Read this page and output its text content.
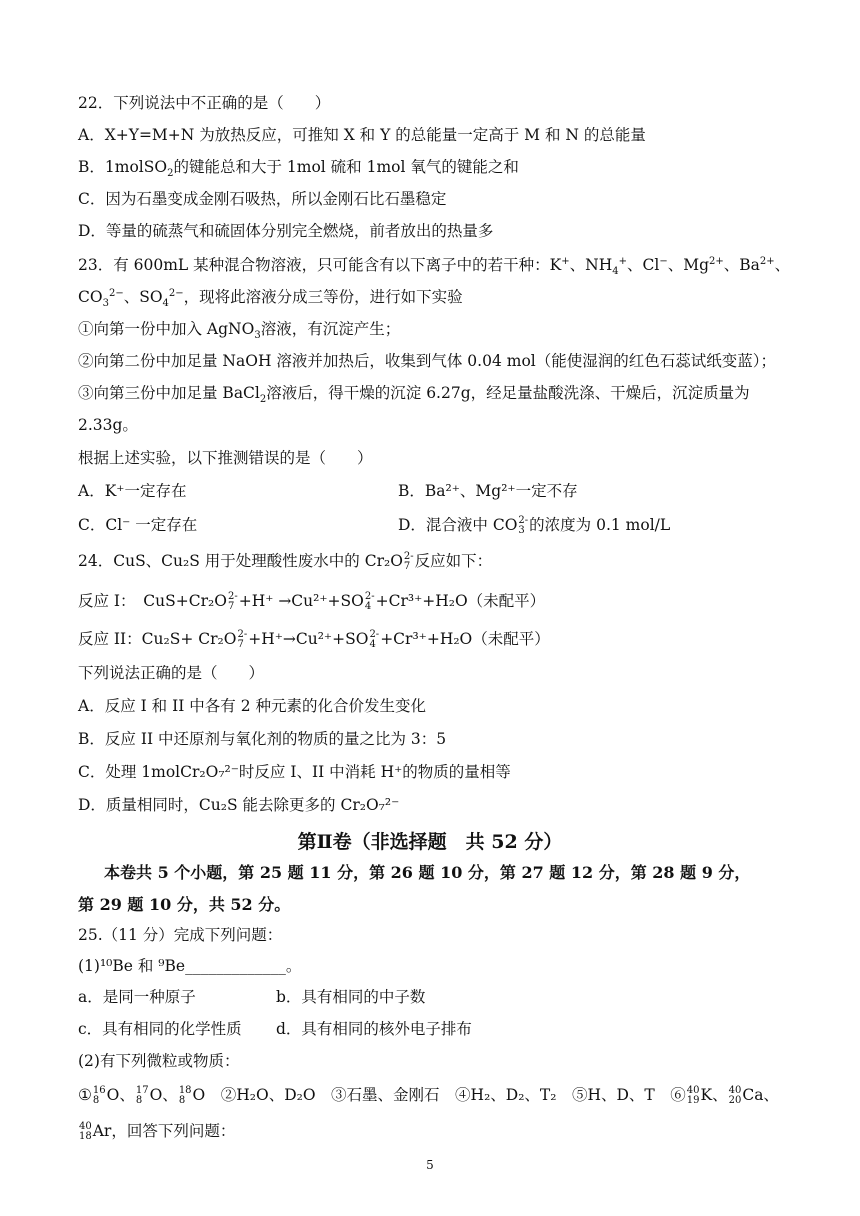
22．下列说法中不正确的是（　　）
A．X+Y=M+N 为放热反应，可推知 X 和 Y 的总能量一定高于 M 和 N 的总能量
B．1molSO$_2$的键能总和大于 1mol 硫和 1mol 氧气的键能之和
C．因为石墨变成金刚石吸热，所以金刚石比石墨稳定
D．等量的硫蒸气和硫固体分别完全燃烧，前者放出的热量多
23．有 600mL 某种混合物溶液，只可能含有以下离子中的若干种：K+、$NH_4^+$、Cl−、$Mg^{2+}$、$Ba^{2+}$、
$CO_3^{2-}$、$SO_4^{2-}$，现将此溶液分成三等份，进行如下实验
①向第一份中加入 AgNO$_3$溶液，有沉淀产生；
②向第二份中加足量 NaOH 溶液并加热后，收集到气体 0.04 mol（能使湿润的红色石蕊试纸变蓝）；
③向第三份中加足量 BaCl$_2$溶液后，得干燥的沉淀 6.27g，经足量盐酸洗涤、干燥后，沉淀质量为
2.33g。
根据上述实验，以下推测错误的是（　　）
A．K⁺一定存在	B．Ba²⁺、Mg²⁺一定不存
C．Cl⁻ 一定存在	D．混合液中 CO 2-
3 的浓度为 0.1 mol/L
24．CuS、Cu₂S 用于处理酸性废水中的 Cr₂O 2-
7 反应如下：
反应 I：　CuS+Cr₂O 2-
7 +H⁺ →Cu²⁺+SO 2-
4 +Cr³⁺+H₂O（未配平）
反应 II：Cu₂S+ Cr₂O 2-
7 +H⁺→Cu²⁺+SO 2-
4 +Cr³⁺+H₂O（未配平）
下列说法正确的是（　　）
A．反应 I 和 II 中各有 2 种元素的化合价发生变化
B．反应 II 中还原剂与氧化剂的物质的量之比为 3：5
C．处理 1molCr₂O₇²⁻时反应 I、II 中消耗 H⁺的物质的量相等
D．质量相同时，Cu₂S 能去除更多的 Cr₂O₇²⁻
第Ⅱ卷（非选择题　共 52 分）
本卷共 5 个小题，第 25 题 11 分，第 26 题 10 分，第 27 题 12 分，第 28 题 9 分，
第 29 题 10 分，共 52 分。
25.（11 分）完成下列问题：
(1)¹⁰Be 和 ⁹Be_____________。
a．是同一种原子	b．具有相同的中子数
c．具有相同的化学性质 d．具有相同的核外电子排布
(2)有下列微粒或物质：
① 16
8 O、 17
8 O、 18
8 O　②H₂O、D₂O　③石墨、金刚石　④H₂、D₂、T₂　⑤H、D、T　⑥ 40
19 K、 40
20 Ca、
40
18 Ar，回答下列问题：
5
